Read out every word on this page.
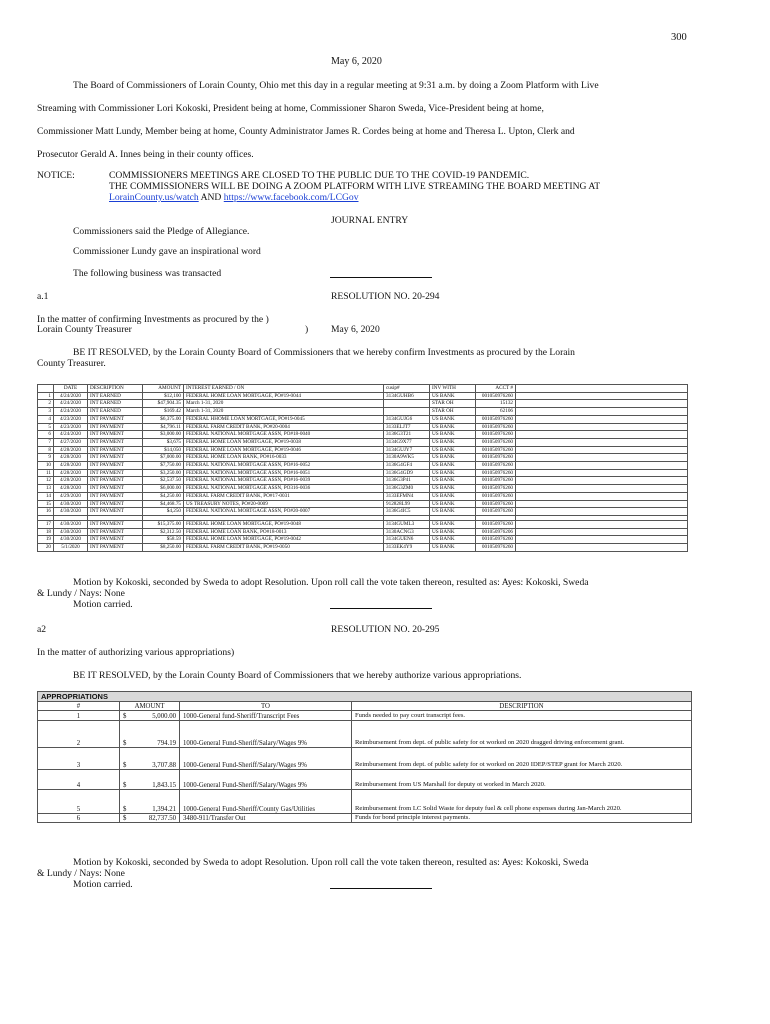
300
May 6, 2020
The Board of Commissioners of Lorain County, Ohio met this day in a regular meeting at 9:31 a.m. by doing a Zoom Platform with Live
Streaming with Commissioner Lori Kokoski, President being at home, Commissioner Sharon Sweda, Vice-President being at home,
Commissioner Matt Lundy, Member being at home, County Administrator James R. Cordes being at home and Theresa L. Upton, Clerk and
Prosecutor Gerald A. Innes being in their county offices.
NOTICE:	COMMISSIONERS MEETINGS ARE CLOSED TO THE PUBLIC DUE TO THE COVID-19 PANDEMIC.
THE COMMISSIONERS WILL BE DOING A ZOOM PLATFORM WITH LIVE STREAMING THE BOARD MEETING AT
LorainCounty.us/watch AND https://www.facebook.com/LCGov
JOURNAL ENTRY
Commissioners said the Pledge of Allegiance.
Commissioner Lundy gave an inspirational word
The following business was transacted
a.1	RESOLUTION NO. 20-294
In the matter of confirming Investments as procured by the )
Lorain County Treasurer	) May 6, 2020
BE IT RESOLVED, by the Lorain County Board of Commissioners that we hereby confirm Investments as procured by the Lorain
County Treasurer.
	DATE	DESCRIPTION	AMOUNT	INTEREST EARNED / ON	cusip#	INV WITH	ACCT #	
1	4/24/2020	INT EARNED	$12,100	FEDERAL HOME LOAN MORTGAGE, PO#19-0044	3134GUHB6	US BANK	001050976260	
2	4/24/2020	INT EARNED	$47,904.35	March 1-31, 2020		STAR OH	15132	
3	4/24/2020	INT EARNED	$169.42	March 1-31, 2020		STAR OH	62106	
4	4/23/2020	INT PAYMENT	$6,375.00	FEDERAL HHOME LOAN MORTGAGE, PO#19-0045	3134GUJG6	US BANK	001050976260	
5	4/23/2020	INT PAYMENT	$4,796.11	FEDERAL FARM CREDIT BANK, PO#20-0004	3133ELJT7	US BANK	001050976260	
6	4/24/2020	INT PAYMENT	$3,000.00	FEDERAL NATIONAL MORTGAGE ASSN, PO#18-0040	3136G3T21	US BANK	001050976260	
7	4/27/2020	INT PAYMENT	$3,675	FEDERAL HOME LOAN MORTGAGE, PO#19-0038	3134G9X77	US BANK	001050976260	
8	4/28/2020	INT PAYMENT	$14,050	FEDERAL HOME LOAN MORTGAGE, PO#19-0046	3134GUJY7	US BANK	001050976260	
9	4/28/2020	INT PAYMENT	$7,000.00	FEDERAL HOME LOAN BANK, PO#16-0033	3130A9WK5	US BANK	001050976260	
10	4/28/2020	INT PAYMENT	$7,750.00	FEDERAL NATIONAL MORTGAGE ASSN, PO#16-0052	3136G4GF4	US BANK	001050976260	
11	4/28/2020	INT PAYMENT	$3,250.00	FEDERAL NATIONAL MORTGAGE ASSN, PO#16-0051	3136G4GD9	US BANK	001050976260	
12	4/28/2020	INT PAYMENT	$2,537.50	FEDERAL NATIONAL MORTGAGE ASSN, PO#16-0039	3136G3P41	US BANK	001050976260	
13	4/28/2020	INT PAYMENT	$6,000.00	FEDERAL NATIONAL MORTGAGE ASSN, PO316-0036	3136G3ZM0	US BANK	001050976260	
14	4/29/2020	INT PAYMENT	$4,250.00	FEDERAL FARM CREDIT BANK, PO#17-0031	3133EFMN4	US BANK	001050976260	
15	4/30/2020	INT PAYMENT	$4,468.75	US TREASURY NOTES, PO#20-0009	912828L99	US BANK	001050976260	
16	4/30/2020	INT PAYMENT	$4,250	FEDERAL NATIONAL MORTGAGE ASSN, PO#20-0007	3136G4IC5	US BANK	001050976260	

17	4/30/2020	INT PAYMENT	$15,375.00	FEDERAL HOME LOAN MORTGAGE, PO#19-0048	3134GUML3	US BANK	001050976260	
18	4/30/2020	INT PAYMENT	$2,312.50	FEDERAL HOME LOAN BANK, PO#18-0013	3130ACNG3	US BANK	001050976206	
19	4/30/2020	INT PAYMENT	$58.59	FEDERAL HOME LOAN MORTGAGE, PO#19-0042	3134GUEN6	US BANK	001050976260	
20	5/1/2020	INT PAYMENT	$8,250.00	FEDERAL FARM CREDIT BANK, PO#19-0050	3133EK4Y9	US BANK	001050976260	
Motion by Kokoski, seconded by Sweda to adopt Resolution. Upon roll call the vote taken thereon, resulted as: Ayes: Kokoski, Sweda
& Lundy / Nays: None
Motion carried.
a2	RESOLUTION NO. 20-295
In the matter of authorizing various appropriations)
BE IT RESOLVED, by the Lorain County Board of Commissioners that we hereby authorize various appropriations.
APPROPRIATIONS			
#	AMOUNT	TO	DESCRIPTION
1	$ 5,000.00	1000-General fund-Sheriff/Transcript Fees	Funds needed to pay court transcript fees.
2	$ 794.19	1000-General Fund-Sheriff/Salary/Wages 9%	Reimbursement from dept. of public safety for ot worked on 2020 dragged driving enforcement grant.
3	$ 3,707.88	1000-General Fund-Sheriff/Salary/Wages 9%	Reimbursement from dept. of public safety for ot worked on 2020 IDEP/STEP grant for March 2020.
4	$ 1,843.15	1000-General Fund-Sheriff/Salary/Wages 9%	Reimbursement from US Marshall for deputy ot worked in March 2020.
5	$ 1,394.21	1000-General Fund-Sheriff/County Gas/Utilities	Reimbursement from LC Solid Waste for deputy fuel & cell phone expenses during Jan-March 2020.
6	$ 82,737.50	3480-911/Transfer Out	Funds for bond principle interest payments.
Motion by Kokoski, seconded by Sweda to adopt Resolution. Upon roll call the vote taken thereon, resulted as: Ayes: Kokoski, Sweda
& Lundy / Nays: None
Motion carried.
